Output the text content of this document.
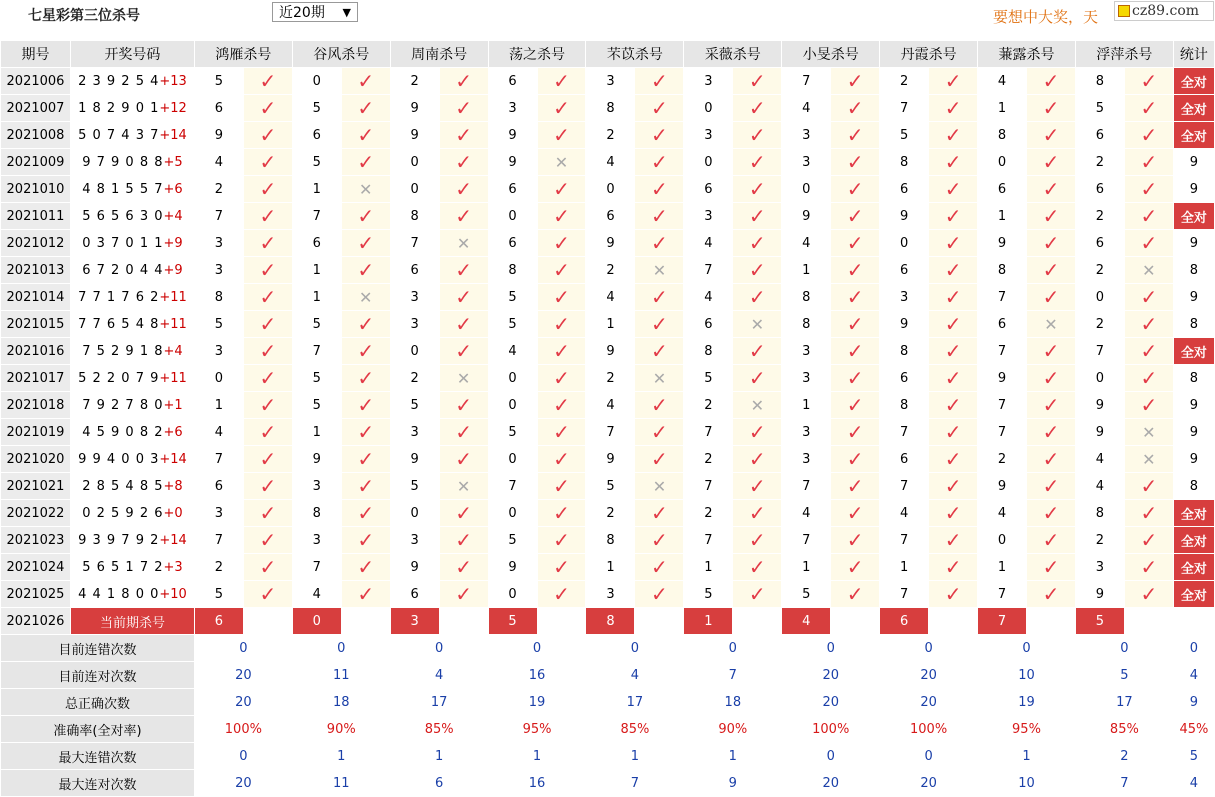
七星彩第三位杀号	近20期 ▼	要想中大奖，天	cz89.com
期号	开奖号码	鸿雁杀号		谷风杀号		周南杀号		荡之杀号		芣苡杀号		采薇杀号		小旻杀号		丹霞杀号		蒹露杀号		浮萍杀号		统计
2021006	2 3 9 2 5 4+13	5	✓	0	✓	2	✓	6	✓	3	✓	3	✓	7	✓	2	✓	4	✓	8	✓	全对
2021007	1 8 2 9 0 1+12	6	✓	5	✓	9	✓	3	✓	8	✓	0	✓	4	✓	7	✓	1	✓	5	✓	全对
2021008	5 0 7 4 3 7+14	9	✓	6	✓	9	✓	9	✓	2	✓	3	✓	3	✓	5	✓	8	✓	6	✓	全对
2021009	9 7 9 0 8 8+5	4	✓	5	✓	0	✓	9	✕	4	✓	0	✓	3	✓	8	✓	0	✓	2	✓	9
2021010	4 8 1 5 5 7+6	2	✓	1	✕	0	✓	6	✓	0	✓	6	✓	0	✓	6	✓	6	✓	6	✓	9
2021011	5 6 5 6 3 0+4	7	✓	7	✓	8	✓	0	✓	6	✓	3	✓	9	✓	9	✓	1	✓	2	✓	全对
2021012	0 3 7 0 1 1+9	3	✓	6	✓	7	✕	6	✓	9	✓	4	✓	4	✓	0	✓	9	✓	6	✓	9
2021013	6 7 2 0 4 4+9	3	✓	1	✓	6	✓	8	✓	2	✕	7	✓	1	✓	6	✓	8	✓	2	✕	8
2021014	7 7 1 7 6 2+11	8	✓	1	✕	3	✓	5	✓	4	✓	4	✓	8	✓	3	✓	7	✓	0	✓	9
2021015	7 7 6 5 4 8+11	5	✓	5	✓	3	✓	5	✓	1	✓	6	✕	8	✓	9	✓	6	✕	2	✓	8
2021016	7 5 2 9 1 8+4	3	✓	7	✓	0	✓	4	✓	9	✓	8	✓	3	✓	8	✓	7	✓	7	✓	全对
2021017	5 2 2 0 7 9+11	0	✓	5	✓	2	✕	0	✓	2	✕	5	✓	3	✓	6	✓	9	✓	0	✓	8
2021018	7 9 2 7 8 0+1	1	✓	5	✓	5	✓	0	✓	4	✓	2	✕	1	✓	8	✓	7	✓	9	✓	9
2021019	4 5 9 0 8 2+6	4	✓	1	✓	3	✓	5	✓	7	✓	7	✓	3	✓	7	✓	7	✓	9	✕	9
2021020	9 9 4 0 0 3+14	7	✓	9	✓	9	✓	0	✓	9	✓	2	✓	3	✓	6	✓	2	✓	4	✕	9
2021021	2 8 5 4 8 5+8	6	✓	3	✓	5	✕	7	✓	5	✕	7	✓	7	✓	7	✓	9	✓	4	✓	8
2021022	0 2 5 9 2 6+0	3	✓	8	✓	0	✓	0	✓	2	✓	2	✓	4	✓	4	✓	4	✓	8	✓	全对
2021023	9 3 9 7 9 2+14	7	✓	3	✓	3	✓	5	✓	8	✓	7	✓	7	✓	7	✓	0	✓	2	✓	全对
2021024	5 6 5 1 7 2+3	2	✓	7	✓	9	✓	9	✓	1	✓	1	✓	1	✓	1	✓	1	✓	3	✓	全对
2021025	4 4 1 8 0 0+10	5	✓	4	✓	6	✓	0	✓	3	✓	5	✓	5	✓	7	✓	7	✓	9	✓	全对
2021026	当前期杀号	6		0		3		5		8		1		4		6		7		5		
目前连错次数		0		0		0		0		0		0		0		0		0		0		0
目前连对次数		20		11		4		16		4		7		20		20		10		5		4
总正确次数		20		18		17		19		17		18		20		20		19		17		9
准确率(全对率)		100%		90%		85%		95%		85%		90%		100%		100%		95%		85%		45%
最大连错次数		0		1		1		1		1		1		0		0		1		2		5
最大连对次数		20		11		6		16		7		9		20		20		10		7		4
